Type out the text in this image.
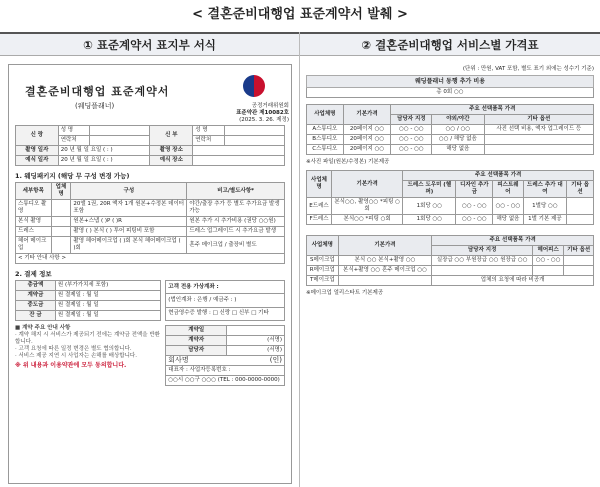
< 결혼준비대행업 표준계약서 발췌 >
① 표준계약서 표지부 서식	② 결혼준비대행업 서비스별 가격표
결혼준비대행업 표준계약서
(웨딩플래너)	공정거래위원회
표준약관 제10082호
(2025. 3. 26. 제정)
신 랑	성 명		신 부	성 명	
	연락처			연락처	
촬영 일자	20 년 월 일 요일 ( : )		촬영 장소		
예식 일자	20 년 월 일 요일 ( : )		예식 장소		
1. 웨딩패키지 (해당 무 구성 변경 가능)
세부항목	업체명	구성	비고/별도사항*
스튜디오 촬영		20앨 1권, 20R 액자 1개 원본+수정본 데이터 포함	야간/출장 추가 등 별도 추가요금 발생 가능
본식 촬영		원본+스냅 ( )P ( )R	원본 추가 시 추가비용 (권당 ○○원)
드레스		촬영 ( ) 본식 ( ) 투어 피팅비 포함	드레스 업그레이드 시 추가요금 발생
헤어 메이크업		촬영 헤어메이크업 ( )회 본식 헤어메이크업 ( )회	혼주 메이크업 / 출장비 별도
< 기타 안내 사항 >			
2. 결제 정보
총금액	원 (부가가치세 포함)
계약금	원 결제일 : 월 일
중도금	원 결제일 : 월 일
잔 금	원 결제일 : 월 일
고객 전용 가상계좌 :
(법인계좌 : 은행 / 예금주 : )
현금영수증 발행 : □ 신랑 □ 신부 □ 기타
■ 계약 주요 안내 사항
· 계약 해지 시 서비스가 제공되기 전에는 계약금 전액을 반환합니다.
· 고객 요청에 따른 일정 변경은 별도 협의합니다.
· 서비스 제공 지연 시 사업자는 손해를 배상합니다.
※ 위 내용과 이용약관에 모두 동의합니다.
계약일	
계약자	(서명)
담당자	(서명)
회사명 (인)	

대표자 : 사업자등록번호 :	
○○시 ○○구 ○○○ (TEL : 000-0000-0000)	
(단위 : 만원, VAT 포함, 별도 표기 외에는 성수기 기준)
웨딩플래너 동행 추가 비용
총 0회 ○○
사업체명	기본가격	주요 선택품목 가격		
		담당자 지정	야외/야간	기타 옵션
A스튜디오	20페이지 ○○	○○ - ○○	○○ / ○○	사진 선택 비용, 액자 업그레이드 등
B스튜디오	20페이지 ○○	○○ - ○○	○○ / 해당 없음	
C스튜디오	20페이지 ○○	○○ - ○○	해당 없음	
※사진 파일(원본/수정본) 기본제공
사업체명	기본가격	주요 선택품목 가격				
		드레스 도우미 (헬퍼)	디자인 추가금	피스트웨어	드레스 추가 대여	기타 옵션
E드레스	본식○○, 촬영○○ *피팅 ○회	1회당 ○○	○○ - ○○	○○ - ○○	1벌당 ○○	
F드레스	본식○○ *피팅 ○회	1회당 ○○	○○ - ○○	해당 없음	1벌 기본 제공	
사업체명	기본가격	주요 선택품목 가격		
		담당자 지정	헤어피스	기타 옵션
S메이크업	본식 ○○ 본식+촬영 ○○	실장급 ○○ 부원장급 ○○ 원장급 ○○	○○ - ○○	
R메이크업	본식+촬영 ○○ 혼주 메이크업 ○○			
T메이크업		업체의 요청에 따라 비공개		
※메이크업 얼리스타트 기본제공
